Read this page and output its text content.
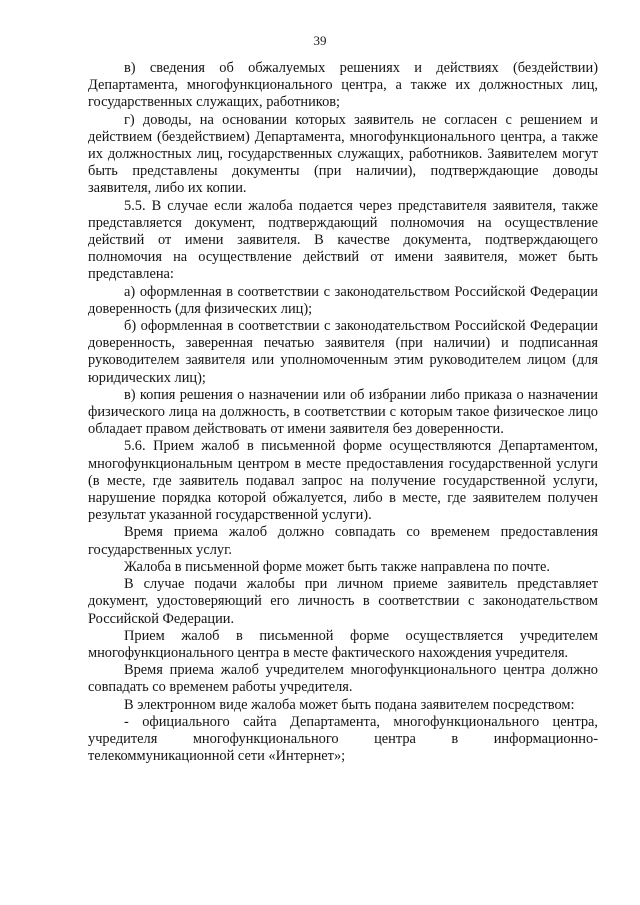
39

в) сведения об обжалуемых решениях и действиях (бездействии) Департамента, многофункционального центра, а также их должностных лиц, государственных служащих, работников;

г) доводы, на основании которых заявитель не согласен с решением и действием (бездействием) Департамента, многофункционального центра, а также их должностных лиц, государственных служащих, работников. Заявителем могут быть представлены документы (при наличии), подтверждающие доводы заявителя, либо их копии.

5.5. В случае если жалоба подается через представителя заявителя, также представляется документ, подтверждающий полномочия на осуществление действий от имени заявителя. В качестве документа, подтверждающего полномочия на осуществление действий от имени заявителя, может быть представлена:

а) оформленная в соответствии с законодательством Российской Федерации доверенность (для физических лиц);

б) оформленная в соответствии с законодательством Российской Федерации доверенность, заверенная печатью заявителя (при наличии) и подписанная руководителем заявителя или уполномоченным этим руководителем лицом (для юридических лиц);

в) копия решения о назначении или об избрании либо приказа о назначении физического лица на должность, в соответствии с которым такое физическое лицо обладает правом действовать от имени заявителя без доверенности.

5.6. Прием жалоб в письменной форме осуществляются Департаментом, многофункциональным центром в месте предоставления государственной услуги (в месте, где заявитель подавал запрос на получение государственной услуги, нарушение порядка которой обжалуется, либо в месте, где заявителем получен результат указанной государственной услуги).

Время приема жалоб должно совпадать со временем предоставления государственных услуг.

Жалоба в письменной форме может быть также направлена по почте.

В случае подачи жалобы при личном приеме заявитель представляет документ, удостоверяющий его личность в соответствии с законодательством Российской Федерации.

Прием жалоб в письменной форме осуществляется учредителем многофункционального центра в месте фактического нахождения учредителя.

Время приема жалоб учредителем многофункционального центра должно совпадать со временем работы учредителя.

В электронном виде жалоба может быть подана заявителем посредством:

- официального сайта Департамента, многофункционального центра, учредителя многофункционального центра в информационно-телекоммуникационной сети «Интернет»;
